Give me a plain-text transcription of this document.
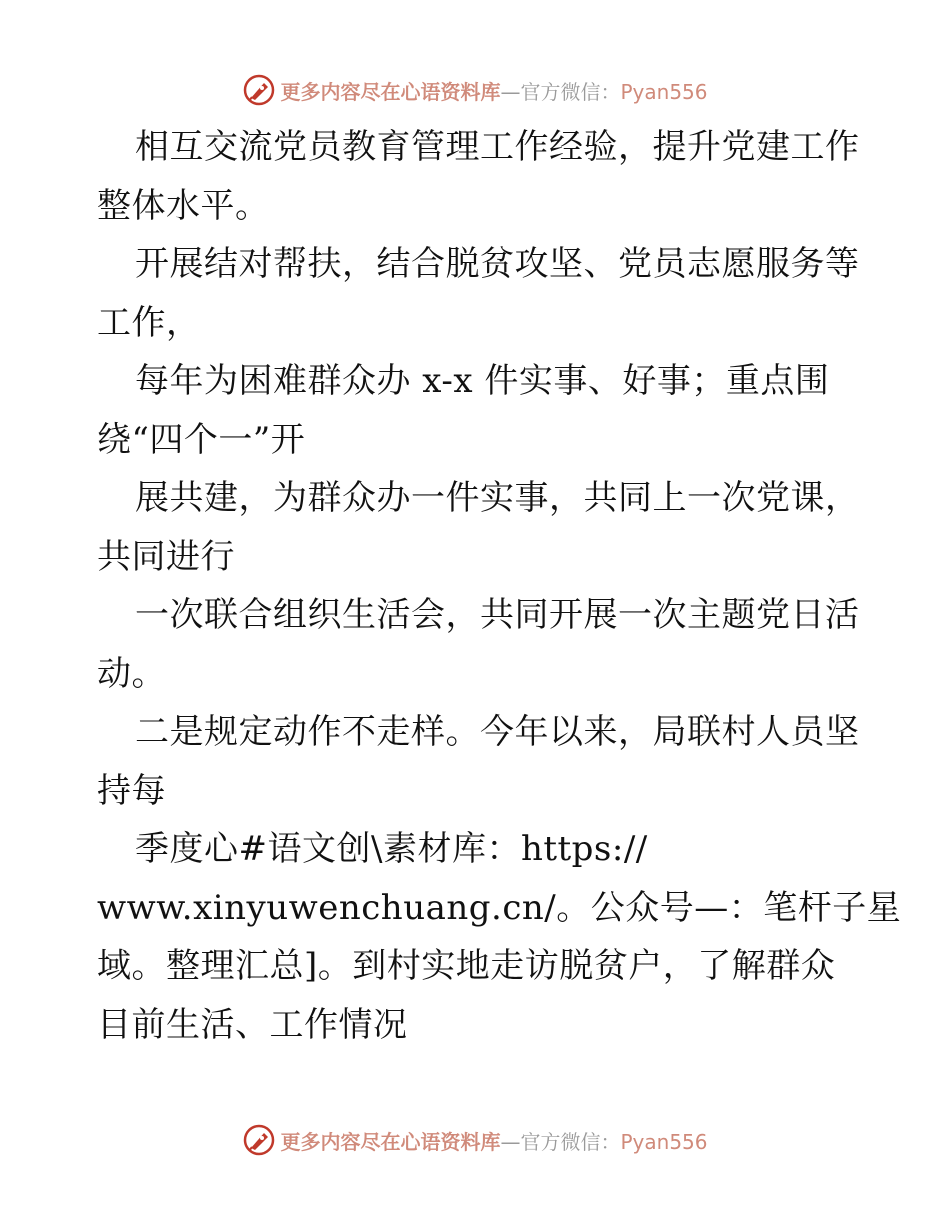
更多内容尽在心语资料库—官方微信：Pyan556

相互交流党员教育管理工作经验，提升党建工作

整体水平。

开展结对帮扶，结合脱贫攻坚、党员志愿服务等

工作，

每年为困难群众办 x-x 件实事、好事；重点围

绕“四个一”开

展共建，为群众办一件实事，共同上一次党课，

共同进行

一次联合组织生活会，共同开展一次主题党日活

动。

二是规定动作不走样。今年以来，局联村人员坚

持每

季度心#语文创\素材库：https://

www.xinyuwenchuang.cn/。公众号—：笔杆子星

域。整理汇总]。到村实地走访脱贫户，了解群众

目前生活、工作情况

更多内容尽在心语资料库—官方微信：Pyan556
